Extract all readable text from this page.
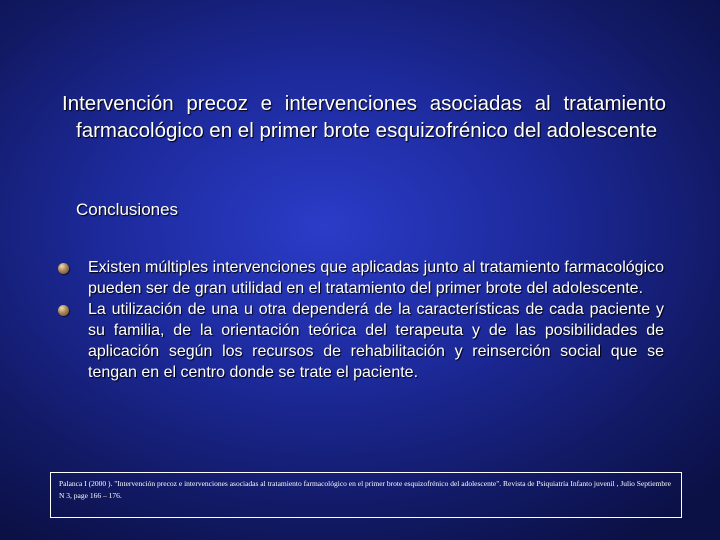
Intervención precoz e intervenciones asociadas al tratamiento farmacológico en el primer brote esquizofrénico del adolescente
Conclusiones
Existen múltiples intervenciones que aplicadas junto al tratamiento farmacológico pueden ser de gran utilidad en el tratamiento del primer brote del adolescente.
La utilización de una u otra dependerá de la características de cada paciente y su familia, de la orientación teórica del terapeuta y de las posibilidades de aplicación según los recursos de rehabilitación y reinserción social que se tengan en el centro donde se trate el paciente.
Palanca I (2000 ). "Intervención precoz e intervenciones asociadas al tratamiento farmacológico en el primer brote esquizofrénico del adolescente". Revista de Psiquiatría Infanto juvenil , Julio Septiembre N 3, page 166 – 176.
